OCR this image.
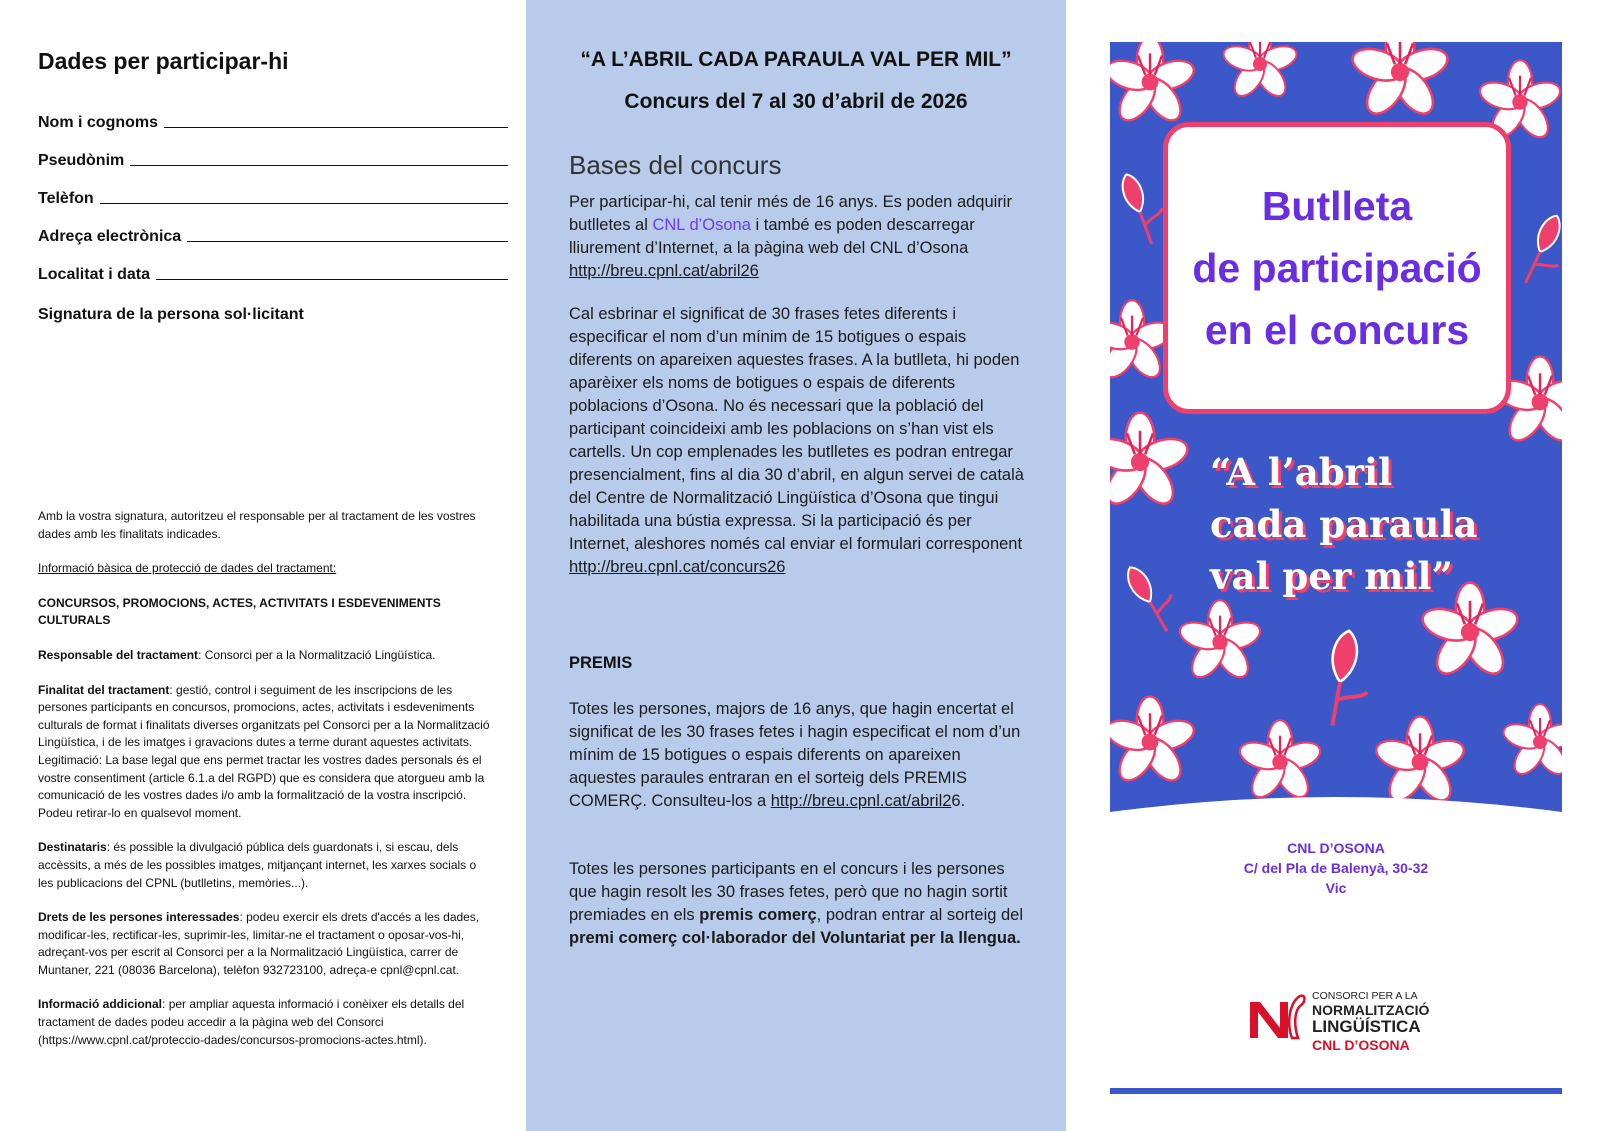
Dades per participar-hi
Nom i cognoms
Pseudònim
Telèfon
Adreça electrònica
Localitat i data
Signatura de la persona sol·licitant

Amb la vostra signatura, autoritzeu el responsable per al tractament de les vostres dades amb les finalitats indicades.

Informació bàsica de protecció de dades del tractament:

CONCURSOS, PROMOCIONS, ACTES, ACTIVITATS I ESDEVENIMENTS CULTURALS

Responsable del tractament: Consorci per a la Normalització Lingüística.

Finalitat del tractament: gestió, control i seguiment de les inscripcions de les persones participants en concursos, promocions, actes, activitats i esdeveniments culturals de format i finalitats diverses organitzats pel Consorci per a la Normalització Lingüística, i de les imatges i gravacions dutes a terme durant aquestes activitats.
Legitimació: La base legal que ens permet tractar les vostres dades personals és el vostre consentiment (article 6.1.a del RGPD) que es considera que atorgueu amb la comunicació de les vostres dades i/o amb la formalització de la vostra inscripció. Podeu retirar-lo en qualsevol moment.

Destinataris: és possible la divulgació pública dels guardonats i, si escau, dels accèssits, a més de les possibles imatges, mitjançant internet, les xarxes socials o les publicacions del CPNL (butlletins, memòries...).

Drets de les persones interessades: podeu exercir els drets d'accés a les dades, modificar-les, rectificar-les, suprimir-les, limitar-ne el tractament o oposar-vos-hi, adreçant-vos per escrit al Consorci per a la Normalització Lingüística, carrer de Muntaner, 221 (08036 Barcelona), telèfon 932723100, adreça-e cpnl@cpnl.cat.

Informació addicional: per ampliar aquesta informació i conèixer els detalls del tractament de dades podeu accedir a la pàgina web del Consorci (https://www.cpnl.cat/proteccio-dades/concursos-promocions-actes.html).

“A L’ABRIL CADA PARAULA VAL PER MIL”
Concurs del 7 al 30 d’abril de 2026
Bases del concurs
Per participar-hi, cal tenir més de 16 anys. Es poden adquirir butlletes al CNL d’Osona i també es poden descarregar lliurement d’Internet, a la pàgina web del CNL d’Osona http://breu.cpnl.cat/abril26
Cal esbrinar el significat de 30 frases fetes diferents i especificar el nom d’un mínim de 15 botigues o espais diferents on apareixen aquestes frases. A la butlleta, hi poden aparèixer els noms de botigues o espais de diferents poblacions d’Osona. No és necessari que la població del participant coincideixi amb les poblacions on s’han vist els cartells. Un cop emplenades les butlletes es podran entregar presencialment, fins al dia 30 d’abril, en algun servei de català del Centre de Normalització Lingüística d’Osona que tingui habilitada una bústia expressa. Si la participació és per Internet, aleshores només cal enviar el formulari corresponent http://breu.cpnl.cat/concurs26
PREMIS
Totes les persones, majors de 16 anys, que hagin encertat el significat de les 30 frases fetes i hagin especificat el nom d’un mínim de 15 botigues o espais diferents on apareixen aquestes paraules entraran en el sorteig dels PREMIS COMERÇ. Consulteu-los a http://breu.cpnl.cat/abril26.
Totes les persones participants en el concurs i les persones que hagin resolt les 30 frases fetes, però que no hagin sortit premiades en els premis comerç, podran entrar al sorteig del premi comerç col·laborador del Voluntariat per la llengua.
Butlleta
de participació
en el concurs
“A l’abril
cada paraula
val per mil”
CNL D’OSONA
C/ del Pla de Balenyà, 30-32
Vic
CONSORCI PER A LA
NORMALITZACIÓ
LINGÜÍSTICA
CNL D’OSONA
